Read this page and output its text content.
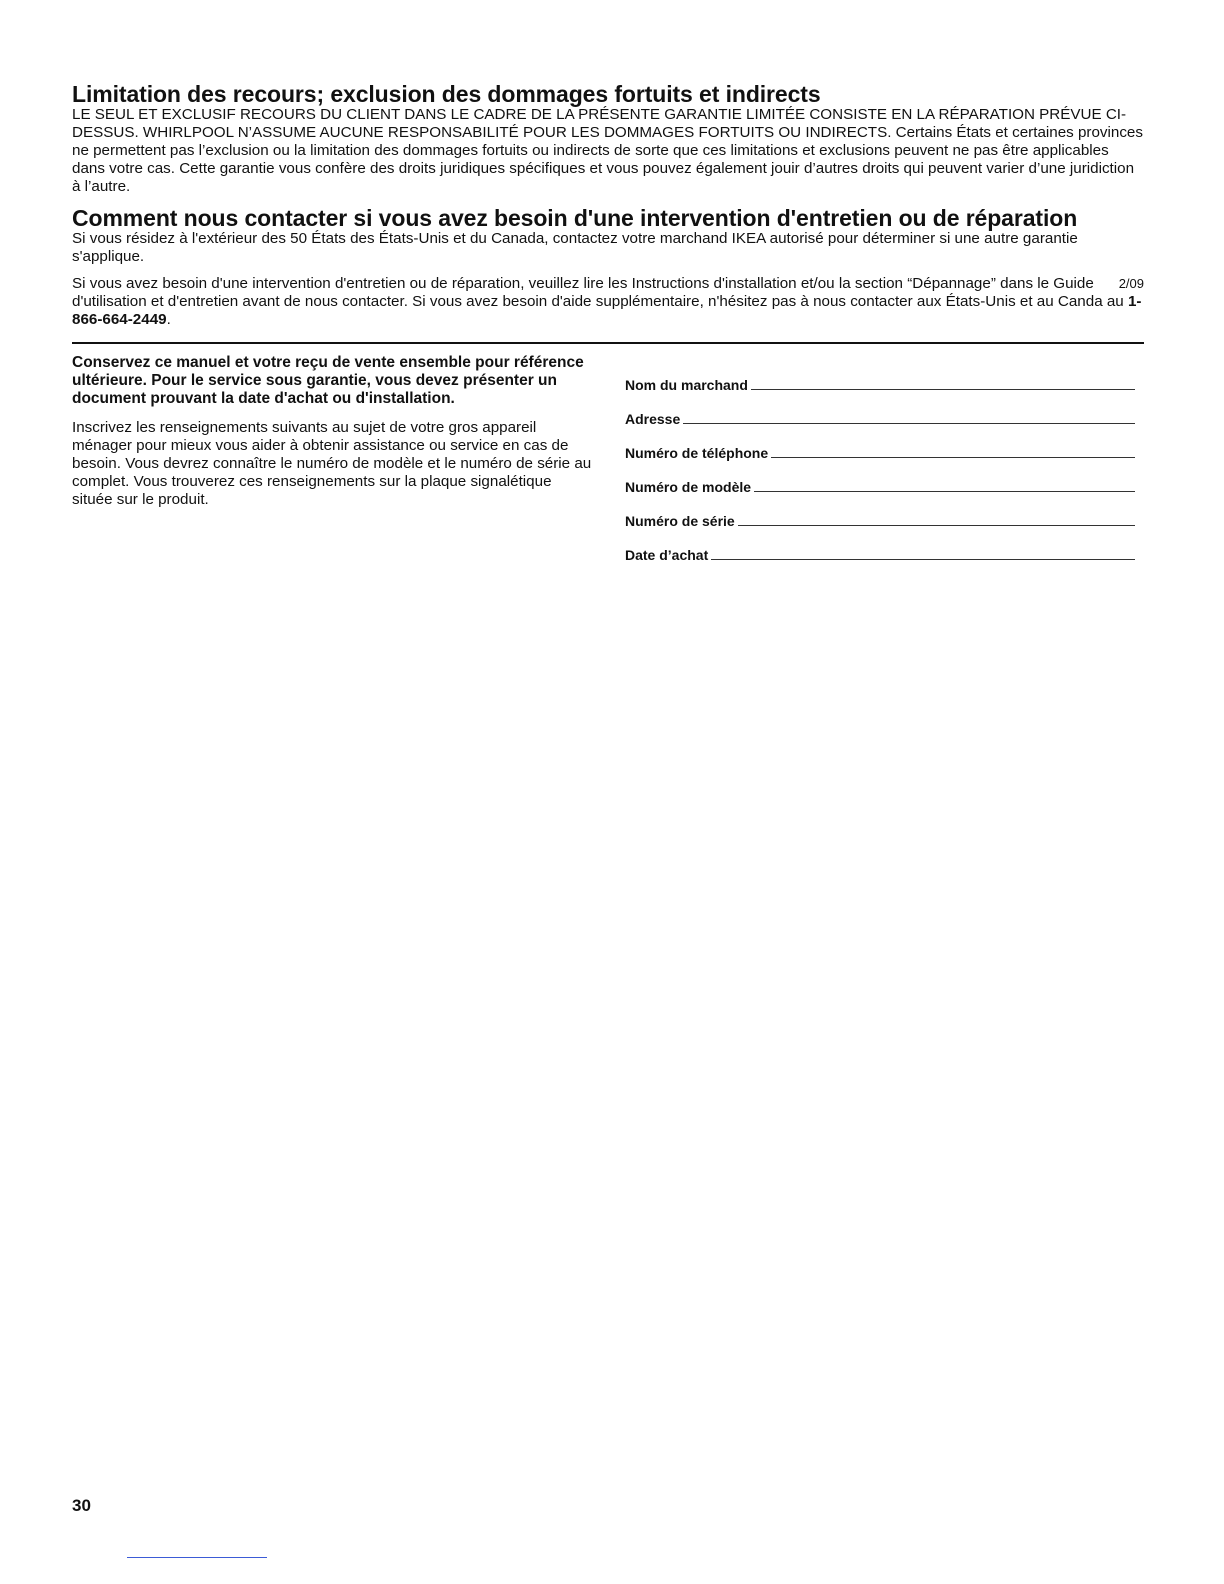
Limitation des recours; exclusion des dommages fortuits et indirects

LE SEUL ET EXCLUSIF RECOURS DU CLIENT DANS LE CADRE DE LA PRÉSENTE GARANTIE LIMITÉE CONSISTE EN LA RÉPARATION PRÉVUE CI-DESSUS. WHIRLPOOL N’ASSUME AUCUNE RESPONSABILITÉ POUR LES DOMMAGES FORTUITS OU INDIRECTS. Certains États et certaines provinces ne permettent pas l’exclusion ou la limitation des dommages fortuits ou indirects de sorte que ces limitations et exclusions peuvent ne pas être applicables dans votre cas. Cette garantie vous confère des droits juridiques spécifiques et vous pouvez également jouir d’autres droits qui peuvent varier d’une juridiction à l’autre.

Comment nous contacter si vous avez besoin d'une intervention d'entretien ou de réparation

Si vous résidez à l'extérieur des 50 États des États-Unis et du Canada, contactez votre marchand IKEA autorisé pour déterminer si une autre garantie s'applique.

2/09
Si vous avez besoin d'une intervention d'entretien ou de réparation, veuillez lire les Instructions d'installation et/ou la section “Dépannage” dans le Guide d'utilisation et d'entretien avant de nous contacter. Si vous avez besoin d'aide supplémentaire, n'hésitez pas à nous contacter aux États-Unis et au Canda au 1-866-664-2449.

Conservez ce manuel et votre reçu de vente ensemble pour référence ultérieure. Pour le service sous garantie, vous devez présenter un document prouvant la date d'achat ou d'installation.

Inscrivez les renseignements suivants au sujet de votre gros appareil ménager pour mieux vous aider à obtenir assistance ou service en cas de besoin. Vous devrez connaître le numéro de modèle et le numéro de série au complet. Vous trouverez ces renseignements sur la plaque signalétique située sur le produit.

Nom du marchand
Adresse
Numéro de téléphone
Numéro de modèle
Numéro de série
Date d’achat
30
